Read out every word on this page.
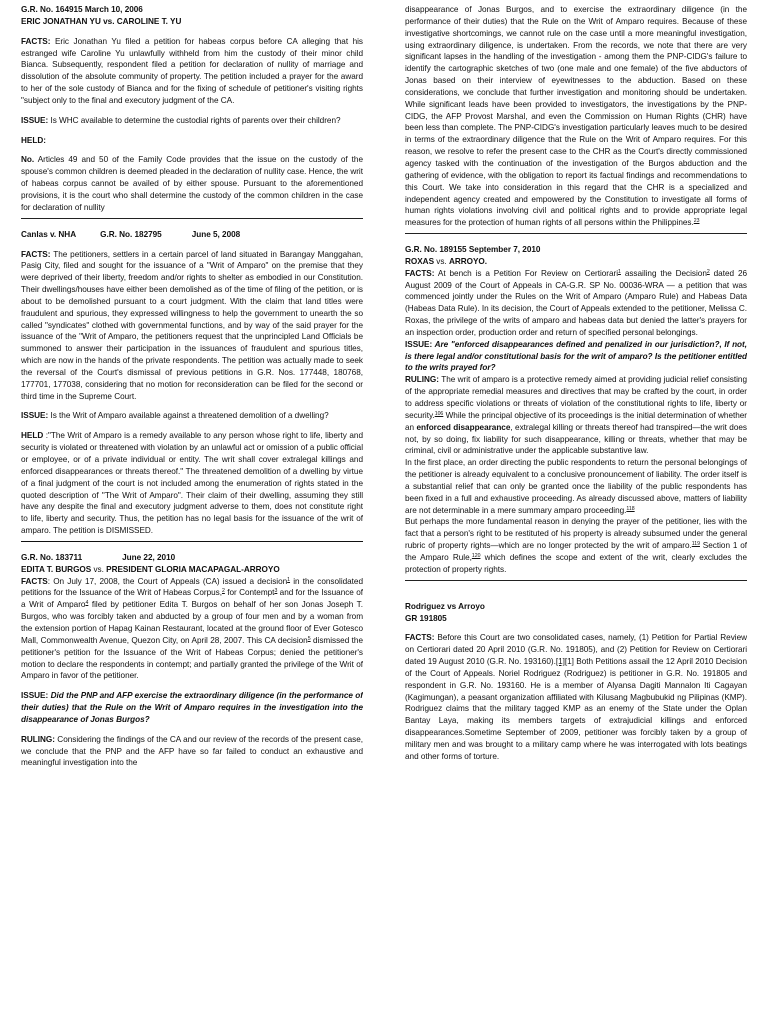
G.R. No. 164915 March 10, 2006

ERIC JONATHAN YU vs. CAROLINE T. YU

FACTS: Eric Jonathan Yu filed a petition for habeas corpus before CA alleging that his estranged wife Caroline Yu unlawfully withheld from him the custody of their minor child Bianca. Subsequently, respondent filed a petition for declaration of nullity of marriage and dissolution of the absolute community of property. The petition included a prayer for the award to her of the sole custody of Bianca and for the fixing of schedule of petitioner's visiting rights "subject only to the final and executory judgment of the CA.

ISSUE: Is WHC available to determine the custodial rights of parents over their children?

HELD:

No. Articles 49 and 50 of the Family Code provides that the issue on the custody of the spouse's common children is deemed pleaded in the declaration of nullity case. Hence, the writ of habeas corpus cannot be availed of by either spouse. Pursuant to the aforementioned provisions, it is the court who shall determine the custody of the common children in the case for declaration of nullity

Canlas v. NHA	G.R. No. 182795	June 5, 2008

FACTS: The petitioners, settlers in a certain parcel of land situated in Barangay Manggahan, Pasig City, filed and sought for the issuance of a "Writ of Amparo" on the premise that they were deprived of their liberty, freedom and/or rights to shelter as embodied in our Constitution. Their dwellings/houses have either been demolished as of the time of filing of the petition, or is about to be demolished pursuant to a court judgment. With the claim that land titles were fraudulent and spurious, they expressed willingness to help the government to unearth the so called "syndicates" clothed with governmental functions, and by way of the said prayer for the issuance of the "Writ of Amparo, the petitioners request that the unprincipled Land Officials be summoned to answer their participation in the issuances of fraudulent and spurious titles, which are now in the hands of the private respondents. The petition was actually made to seek the reversal of the Court's dismissal of previous petitions in G.R. Nos. 177448, 180768, 177701, 177038, considering that no motion for reconsideration can be filed for the second or third time in the Supreme Court.

ISSUE: Is the Writ of Amparo available against a threatened demolition of a dwelling?

HELD :"The Writ of Amparo is a remedy available to any person whose right to life, liberty and security is violated or threatened with violation by an unlawful act or omission of a public official or employee, or of a private individual or entity. The writ shall cover extralegal killings and enforced disappearances or threats thereof." The threatened demolition of a dwelling by virtue of a final judgment of the court is not included among the enumeration of rights stated in the quoted description of "The Writ of Amparo". Their claim of their dwelling, assuming they still have any despite the final and executory judgment adverse to them, does not constitute right to life, liberty and security. Thus, the petition has no legal basis for the issuance of the writ of amparo. The petition is DISMISSED.

G.R. No. 183711	June 22, 2010

EDITA T. BURGOS vs. PRESIDENT GLORIA MACAPAGAL-ARROYO

FACTS: On July 17, 2008, the Court of Appeals (CA) issued a decision$^1$ in the consolidated petitions for the Issuance of the Writ of Habeas Corpus,$^2$ for Contempt$^3$ and for the Issuance of a Writ of Amparo$^4$ filed by petitioner Edita T. Burgos on behalf of her son Jonas Joseph T. Burgos, who was forcibly taken and abducted by a group of four men and by a woman from the extension portion of Hapag Kainan Restaurant, located at the ground floor of Ever Gotesco Mall, Commonwealth Avenue, Quezon City, on April 28, 2007. This CA decision$^5$ dismissed the petitioner's petition for the Issuance of the Writ of Habeas Corpus; denied the petitioner's motion to declare the respondents in contempt; and partially granted the privilege of the Writ of Amparo in favor of the petitioner.

ISSUE: Did the PNP and AFP exercise the extraordinary diligence (in the performance of their duties) that the Rule on the Writ of Amparo requires in the investigation into the disappearance of Jonas Burgos?

RULING: Considering the findings of the CA and our review of the records of the present case, we conclude that the PNP and the AFP have so far failed to conduct an exhaustive and meaningful investigation into the

disappearance of Jonas Burgos, and to exercise the extraordinary diligence (in the performance of their duties) that the Rule on the Writ of Amparo requires. Because of these investigative shortcomings, we cannot rule on the case until a more meaningful investigation, using extraordinary diligence, is undertaken. From the records, we note that there are very significant lapses in the handling of the investigation - among them the PNP-CIDG's failure to identify the cartographic sketches of two (one male and one female) of the five abductors of Jonas based on their interview of eyewitnesses to the abduction. Based on these considerations, we conclude that further investigation and monitoring should be undertaken. While significant leads have been provided to investigators, the investigations by the PNP-CIDG, the AFP Provost Marshal, and even the Commission on Human Rights (CHR) have been less than complete. The PNP-CIDG's investigation particularly leaves much to be desired in terms of the extraordinary diligence that the Rule on the Writ of Amparo requires. For this reason, we resolve to refer the present case to the CHR as the Court's directly commissioned agency tasked with the continuation of the investigation of the Burgos abduction and the gathering of evidence, with the obligation to report its factual findings and recommendations to this Court. We take into consideration in this regard that the CHR is a specialized and independent agency created and empowered by the Constitution to investigate all forms of human rights violations involving civil and political rights and to provide appropriate legal measures for the protection of human rights of all persons within the Philippines.$^{23}$

G.R. No. 189155 September 7, 2010

ROXAS vs. ARROYO.

FACTS: At bench is a Petition For Review on Certiorari$^1$ assailing the Decision$^2$ dated 26 August 2009 of the Court of Appeals in CA-G.R. SP No. 00036-WRA — a petition that was commenced jointly under the Rules on the Writ of Amparo (Amparo Rule) and Habeas Data (Habeas Data Rule). In its decision, the Court of Appeals extended to the petitioner, Melissa C. Roxas, the privilege of the writs of amparo and habeas data but denied the latter's prayers for an inspection order, production order and return of specified personal belongings.

ISSUE: Are "enforced disappearances defined and penalized in our jurisdiction?, If not, is there legal and/or constitutional basis for the writ of amparo? Is the petitioner entitled to the writs prayed for?

RULING: The writ of amparo is a protective remedy aimed at providing judicial relief consisting of the appropriate remedial measures and directives that may be crafted by the court, in order to address specific violations or threats of violation of the constitutional rights to life, liberty or security.$^{106}$ While the principal objective of its proceedings is the initial determination of whether an enforced disappearance, extralegal killing or threats thereof had transpired—the writ does not, by so doing, fix liability for such disappearance, killing or threats, whether that may be criminal, civil or administrative under the applicable substantive law.

In the first place, an order directing the public respondents to return the personal belongings of the petitioner is already equivalent to a conclusive pronouncement of liability. The order itself is a substantial relief that can only be granted once the liability of the public respondents has been fixed in a full and exhaustive proceeding. As already discussed above, matters of liability are not determinable in a mere summary amparo proceeding.$^{118}$

But perhaps the more fundamental reason in denying the prayer of the petitioner, lies with the fact that a person's right to be restituted of his property is already subsumed under the general rubric of property rights—which are no longer protected by the writ of amparo.$^{119}$ Section 1 of the Amparo Rule,$^{120}$ which defines the scope and extent of the writ, clearly excludes the protection of property rights.

Rodriguez vs Arroyo

GR 191805

FACTS: Before this Court are two consolidated cases, namely, (1) Petition for Partial Review on Certiorari dated 20 April 2010 (G.R. No. 191805), and (2) Petition for Review on Certiorari dated 19 August 2010 (G.R. No. 193160).[1][1] Both Petitions assail the 12 April 2010 Decision of the Court of Appeals. Noriel Rodriguez (Rodriguez) is petitioner in G.R. No. 191805 and respondent in G.R. No. 193160. He is a member of Alyansa Dagiti Mannalon Iti Cagayan (Kagimungan), a peasant organization affiliated with Kilusang Magbubukid ng Pilipinas (KMP). Rodriguez claims that the military tagged KMP as an enemy of the State under the Oplan Bantay Laya, making its members targets of extrajudicial killings and enforced disappearances.Sometime September of 2009, petitioner was forcibly taken by a group of military men and was brought to a military camp where he was interrogated with lots beatings and other forms of torture.
